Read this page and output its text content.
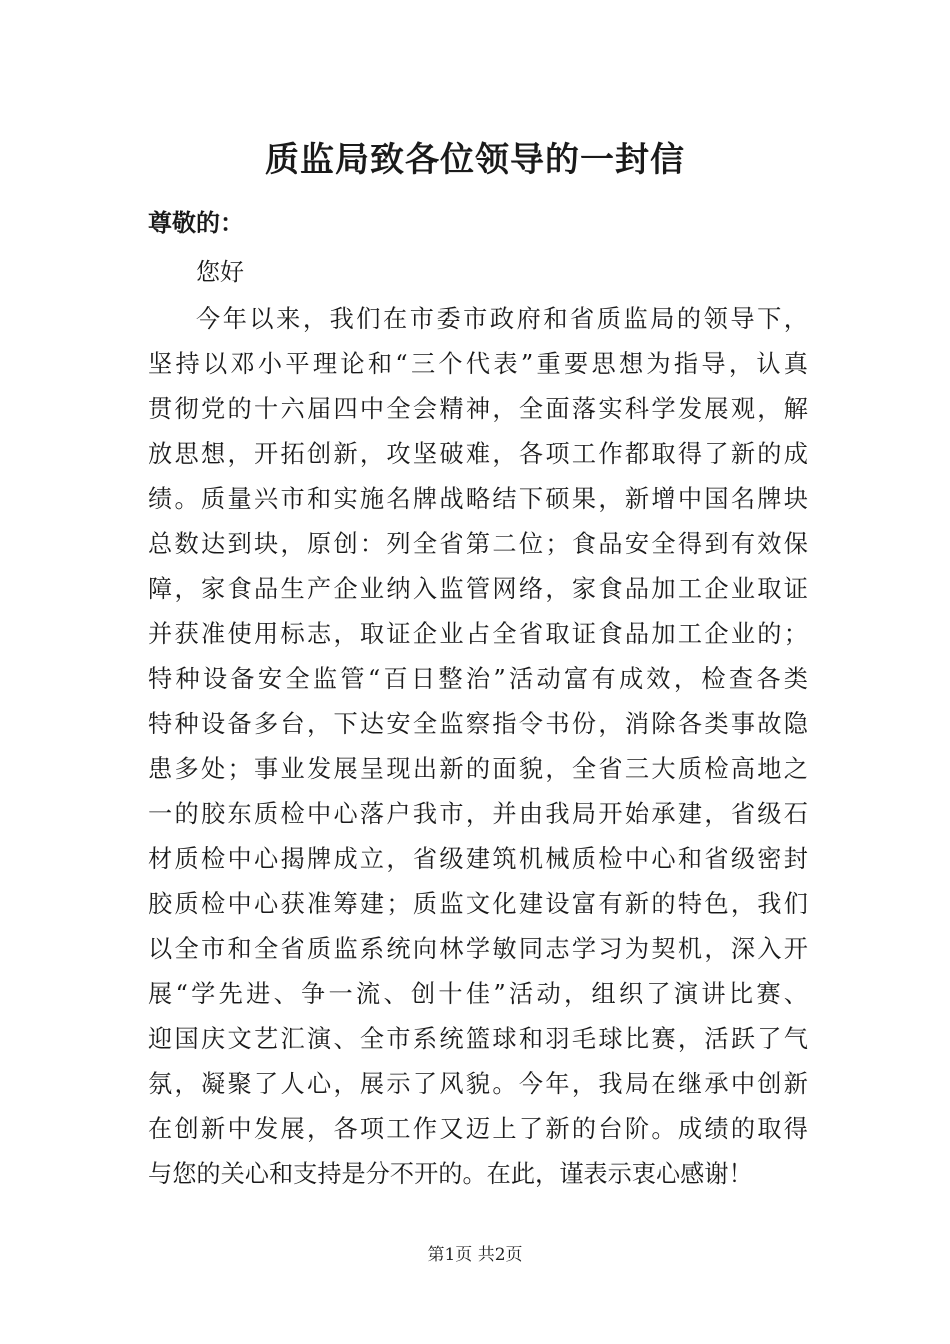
质监局致各位领导的一封信

尊敬的：

您好

今年以来，我们在市委市政府和省质监局的领导下，
坚持以邓小平理论和“三个代表”重要思想为指导，认真
贯彻党的十六届四中全会精神，全面落实科学发展观，解
放思想，开拓创新，攻坚破难，各项工作都取得了新的成
绩。质量兴市和实施名牌战略结下硕果，新增中国名牌块
总数达到块，原创：列全省第二位；食品安全得到有效保
障，家食品生产企业纳入监管网络，家食品加工企业取证
并获准使用标志，取证企业占全省取证食品加工企业的；
特种设备安全监管“百日整治”活动富有成效，检查各类
特种设备多台，下达安全监察指令书份，消除各类事故隐
患多处；事业发展呈现出新的面貌，全省三大质检高地之
一的胶东质检中心落户我市，并由我局开始承建，省级石
材质检中心揭牌成立，省级建筑机械质检中心和省级密封
胶质检中心获准筹建；质监文化建设富有新的特色，我们
以全市和全省质监系统向林学敏同志学习为契机，深入开
展“学先进、争一流、创十佳”活动，组织了演讲比赛、
迎国庆文艺汇演、全市系统篮球和羽毛球比赛，活跃了气
氛，凝聚了人心，展示了风貌。今年，我局在继承中创新
在创新中发展，各项工作又迈上了新的台阶。成绩的取得
与您的关心和支持是分不开的。在此，谨表示衷心感谢！
第1页 共2页
